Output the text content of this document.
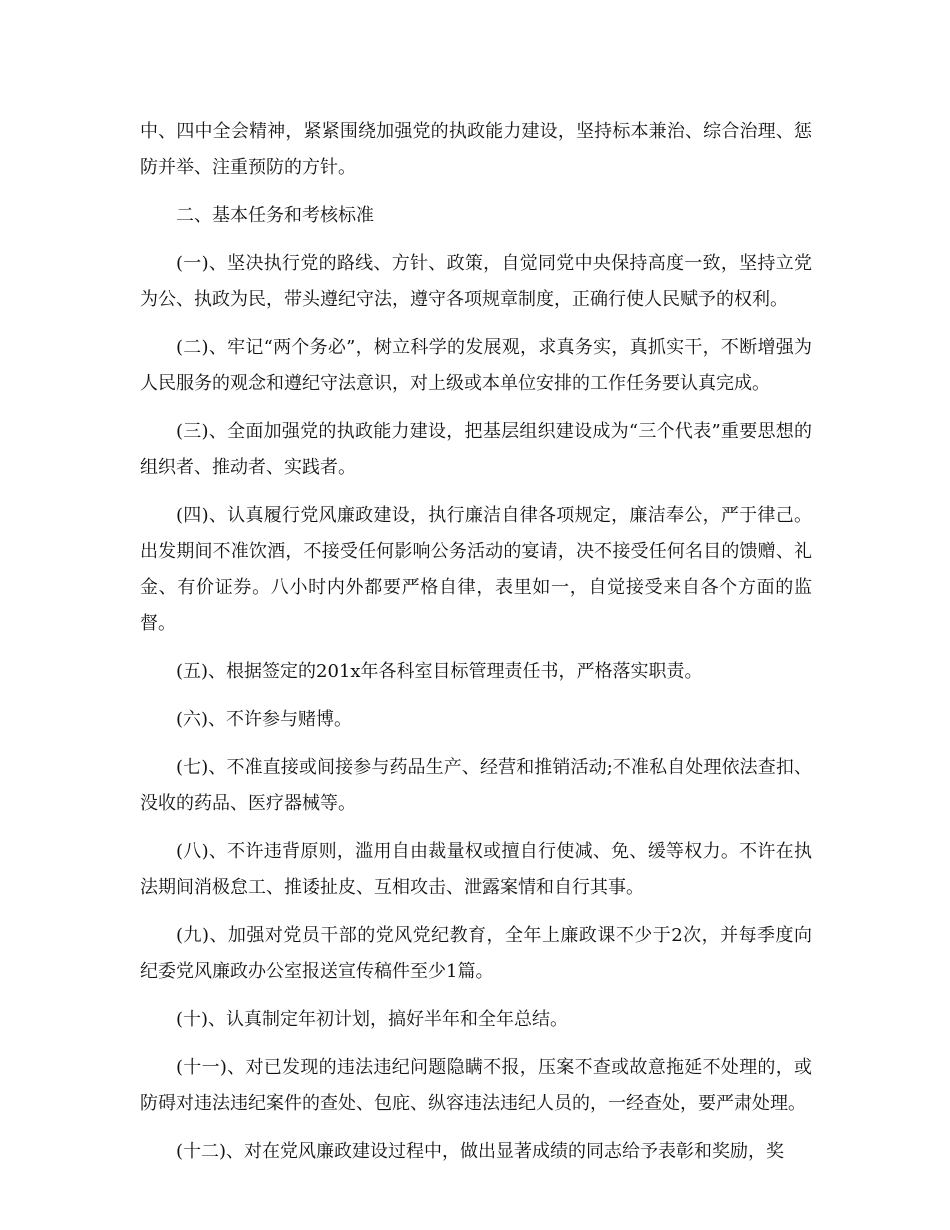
中、四中全会精神，紧紧围绕加强党的执政能力建设，坚持标本兼治、综合治理、惩防并举、注重预防的方针。

二、基本任务和考核标准

(一)、坚决执行党的路线、方针、政策，自觉同党中央保持高度一致，坚持立党为公、执政为民，带头遵纪守法，遵守各项规章制度，正确行使人民赋予的权利。

(二)、牢记“两个务必”，树立科学的发展观，求真务实，真抓实干，不断增强为人民服务的观念和遵纪守法意识，对上级或本单位安排的工作任务要认真完成。

(三)、全面加强党的执政能力建设，把基层组织建设成为“三个代表”重要思想的组织者、推动者、实践者。

(四)、认真履行党风廉政建设，执行廉洁自律各项规定，廉洁奉公，严于律己。出发期间不准饮酒，不接受任何影响公务活动的宴请，决不接受任何名目的馈赠、礼金、有价证券。八小时内外都要严格自律，表里如一，自觉接受来自各个方面的监督。

(五)、根据签定的201x年各科室目标管理责任书，严格落实职责。

(六)、不许参与赌博。

(七)、不准直接或间接参与药品生产、经营和推销活动;不准私自处理依法查扣、没收的药品、医疗器械等。

(八)、不许违背原则，滥用自由裁量权或擅自行使减、免、缓等权力。不许在执法期间消极怠工、推诿扯皮、互相攻击、泄露案情和自行其事。

(九)、加强对党员干部的党风党纪教育，全年上廉政课不少于2次，并每季度向纪委党风廉政办公室报送宣传稿件至少1篇。

(十)、认真制定年初计划，搞好半年和全年总结。

(十一)、对已发现的违法违纪问题隐瞒不报，压案不查或故意拖延不处理的，或防碍对违法违纪案件的查处、包庇、纵容违法违纪人员的，一经查处，要严肃处理。

(十二)、对在党风廉政建设过程中，做出显著成绩的同志给予表彰和奖励，奖
